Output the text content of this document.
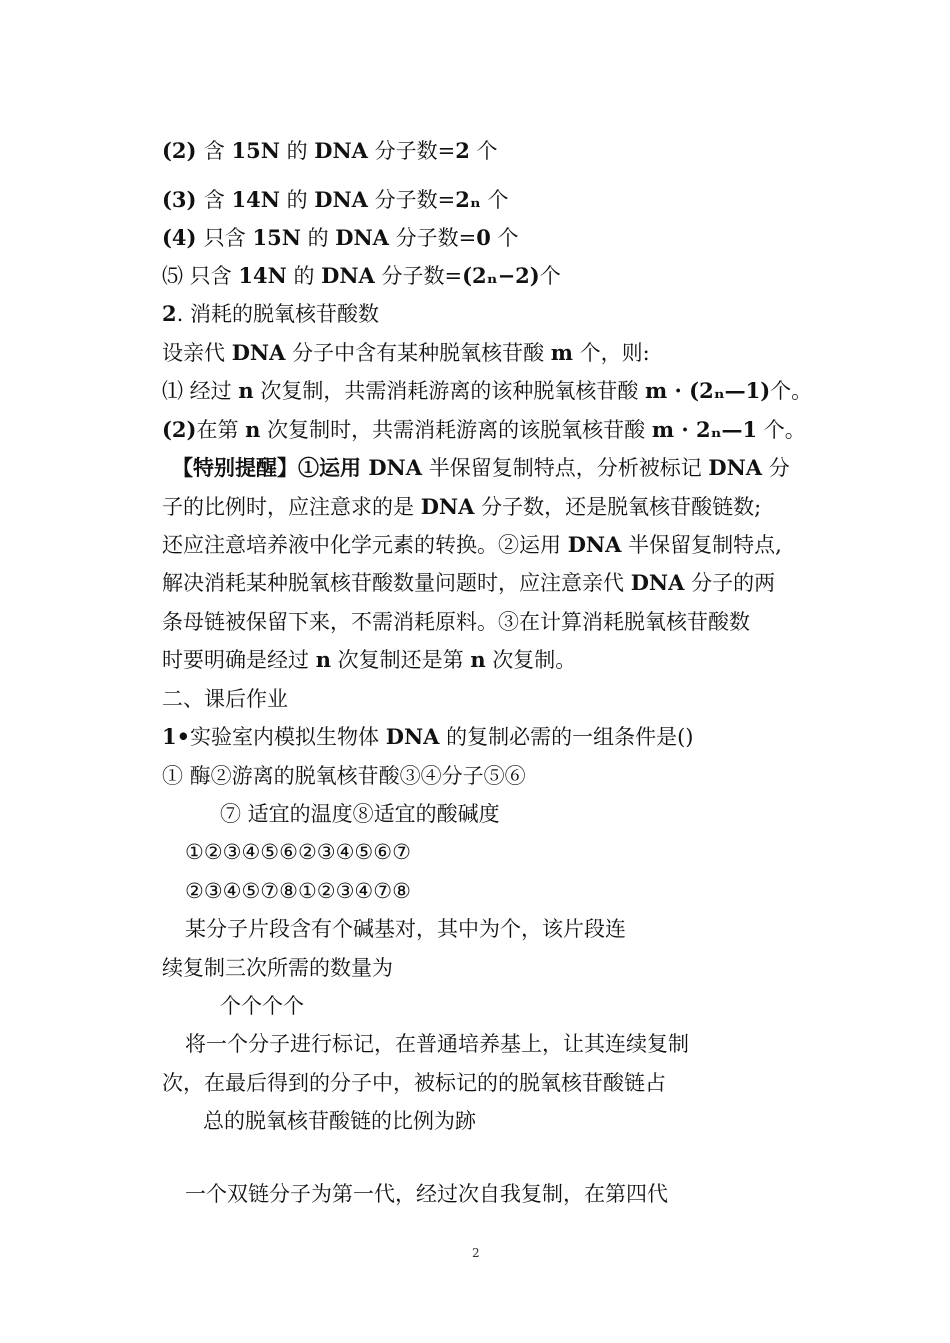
(2) 含 15N 的 DNA 分子数=2 个
(3) 含 14N 的 DNA 分子数=2ₙ 个
(4) 只含 15N 的 DNA 分子数=0 个
⑸ 只含 14N 的 DNA 分子数=(2ₙ−2)个
2. 消耗的脱氧核苷酸数
设亲代 DNA 分子中含有某种脱氧核苷酸 m 个，则:
⑴ 经过 n 次复制，共需消耗游离的该种脱氧核苷酸 m · (2ₙ—1)个。
(2)在第 n 次复制时，共需消耗游离的该脱氧核苷酸 m · 2ₙ—1 个。
【特别提醒】①运用 DNA 半保留复制特点，分析被标记 DNA 分
子的比例时，应注意求的是 DNA 分子数，还是脱氧核苷酸链数;
还应注意培养液中化学元素的转换。②运用 DNA 半保留复制特点,
解决消耗某种脱氧核苷酸数量问题时，应注意亲代 DNA 分子的两
条母链被保留下来，不需消耗原料。③在计算消耗脱氧核苷酸数
时要明确是经过 n 次复制还是第 n 次复制。
二、课后作业
1•实验室内模拟生物体 DNA 的复制必需的一组条件是()
① 酶②游离的脱氧核苷酸③④分子⑤⑥
⑦ 适宜的温度⑧适宜的酸碱度
①②③④⑤⑥②③④⑤⑥⑦
②③④⑤⑦⑧①②③④⑦⑧
某分子片段含有个碱基对，其中为个，该片段连
续复制三次所需的数量为
个个个个
将一个分子进行标记，在普通培养基上，让其连续复制
次，在最后得到的分子中，被标记的的脱氧核苷酸链占
总的脱氧核苷酸链的比例为跡
一个双链分子为第一代，经过次自我复制，在第四代
2
